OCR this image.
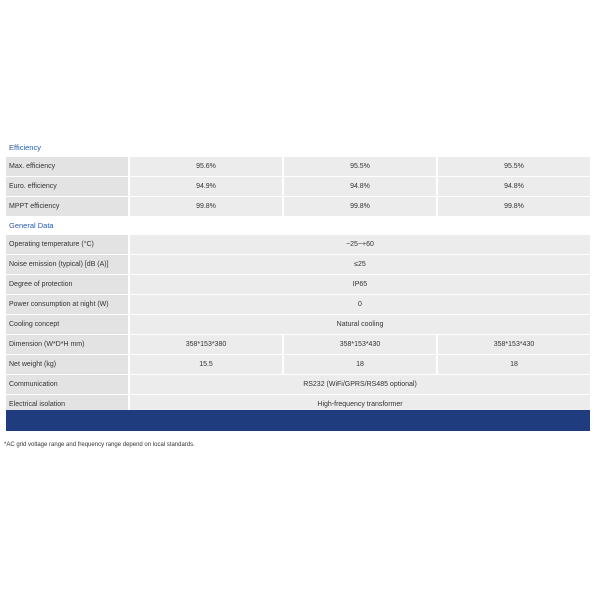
Efficiency
Max. efficiency	95.6%	95.5%	95.5%
Euro. efficiency	94.9%	94.8%	94.8%
MPPT efficiency	99.8%	99.8%	99.8%
General Data
Operating temperature (°C)	−25~+60
Noise emission (typical) [dB (A)]	≤25
Degree of protection	IP65
Power consumption at night (W)	0
Cooling concept	Natural cooling
Dimension (W*D*H mm)	358*153*380	358*153*430	358*153*430
Net weight (kg)	15.5	18	18
Communication	RS232 (WiFi/GPRS/RS485 optional)
Electrical isolation	High-frequency transformer
*AC grid voltage range and frequency range depend on local standards.
